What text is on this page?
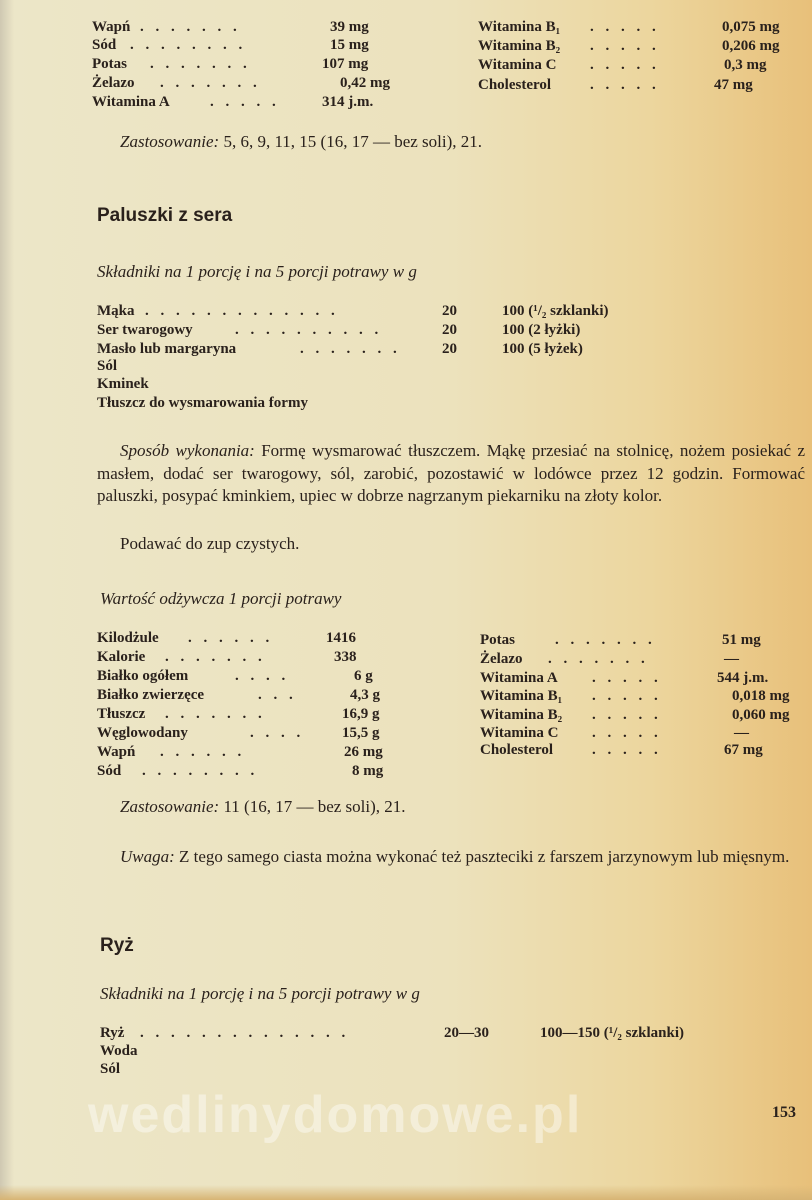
Wapń . . . . . . .	39 mg
Sód . . . . . . . .	15 mg
Potas . . . . . . .	107 mg
Żelazo . . . . . . .	0,42 mg
Witamina A	. . . . .	314 j.m.
Witamina B₁ . . . . .	0,075 mg
Witamina B₂ . . . . .	0,206 mg
Witamina C . . . . .	0,3 mg
Cholesterol	. . . . .	47 mg
Zastosowanie: 5, 6, 9, 11, 15 (16, 17 — bez soli), 21.
Paluszki z sera
Składniki na 1 porcję i na 5 porcji potrawy w g
Mąka . . . . . . . . . . . . .	20	100 (¹/₂ szklanki)
Ser twarogowy	. . . . . . . . . .	20	100 (2 łyżki)
Masło lub margaryna	. . . . . . .	20	100 (5 łyżek)
Sól
Kminek
Tłuszcz do wysmarowania formy
Sposób wykonania: Formę wysmarować tłuszczem. Mąkę przesiać na stolnicę, nożem posiekać z masłem, dodać ser twarogowy, sól, zarobić, pozostawić w lodówce przez 12 godzin. Formować paluszki, posypać kminkiem, upiec w dobrze nagrzanym piekarniku na złoty kolor.
Podawać do zup czystych.
Wartość odżywcza 1 porcji potrawy
Kilodżule . . . . . .	1416
Kalorie . . . . . . .	338
Białko ogółem	. . . .	6 g
Białko zwierzęce	. . .	4,3 g
Tłuszcz . . . . . . .	16,9 g
Węglowodany	. . . .	15,5 g
Wapń . . . . . .	26 mg
Sód . . . . . . . .	8 mg
Potas	. . . . . . .	51 mg
Żelazo . . . . . . .	—
Witamina A . . . . .	544 j.m.
Witamina B₁ . . . . .	0,018 mg
Witamina B₂ . . . . .	0,060 mg
Witamina C . . . . .	—
Cholesterol	. . . . .	67 mg
Zastosowanie: 11 (16, 17 — bez soli), 21.
Uwaga: Z tego samego ciasta można wykonać też paszteciki z farszem jarzynowym lub mięsnym.
Ryż
Składniki na 1 porcję i na 5 porcji potrawy w g
Ryż . . . . . . . . . . . . . .	20—30	100—150 (¹/₂ szklanki)
Woda
Sól
wedlinydomowe.pl	153
